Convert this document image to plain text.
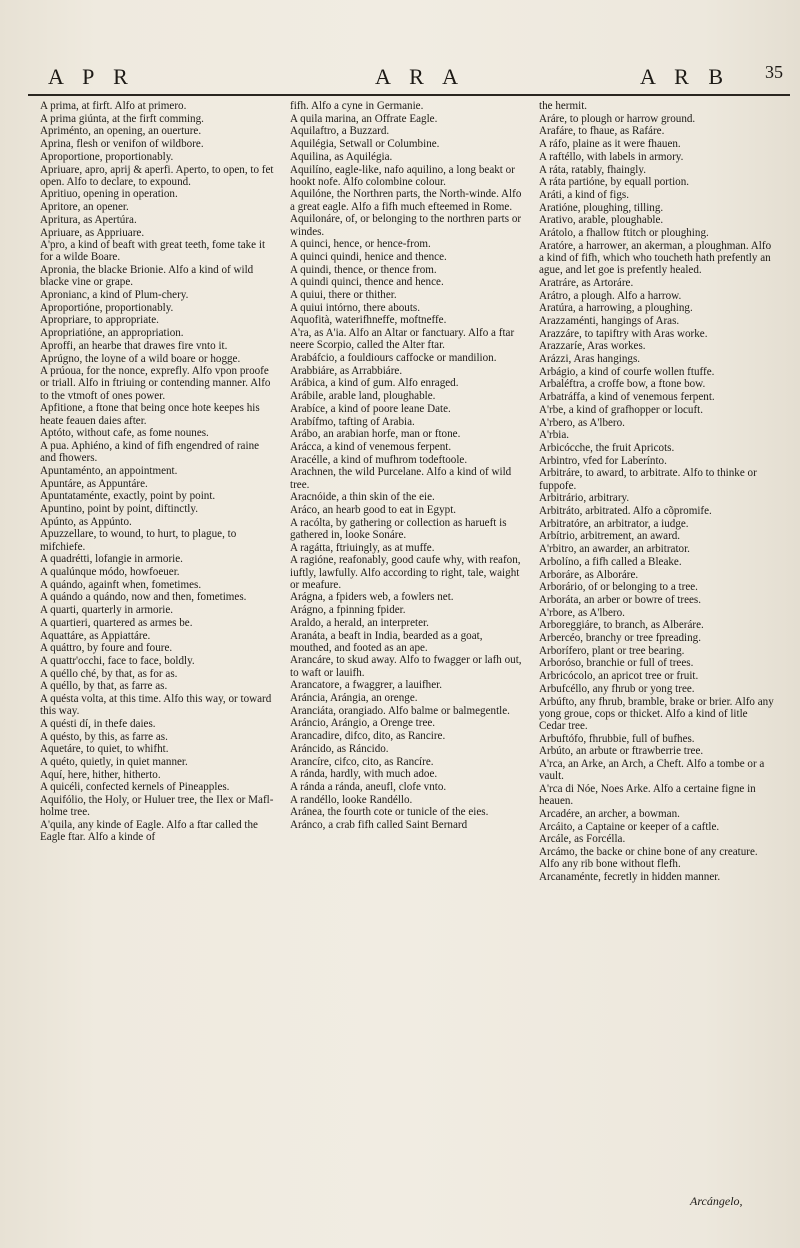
A P R	A R A	A R B 35

A prima, at firft. Alfo at primero.

A prima giúnta, at the firft comming.

Apriménto, an opening, an ouerture.

Aprina, flesh or venifon of wildbore.

Aproportione, proportionably.

Apriuare, apro, aprij & aperfi. Aperto, to open, to fet open. Alfo to declare, to expound.

Apritiuo, opening in operation.

Apritore, an opener.

Apritura, as Apertúra.

Apriuare, as Appriuare.

A'pro, a kind of beaft with great teeth, fome take it for a wilde Boare.

Apronia, the blacke Brionie. Alfo a kind of wild blacke vine or grape.

Apronianc, a kind of Plum-chery.

Aproportióne, proportionably.

Apropriare, to appropriate.

Apropriatióne, an appropriation.

Aproffi, an hearbe that drawes fire vnto it.

Aprúgno, the loyne of a wild boare or hogge.

A prúoua, for the nonce, exprefly. Alfo vpon proofe or triall. Alfo in ftriuing or contending manner. Alfo to the vtmoft of ones power.

Apfitione, a ftone that being once hote keepes his heate feauen daies after.

Aptóto, without cafe, as fome nounes.

A pua. Aphiéno, a kind of fifh engendred of raine and fhowers.

Apuntaménto, an appointment.

Apuntáre, as Appuntáre.

Apuntataménte, exactly, point by point.

Apuntino, point by point, diftinctly.

Apúnto, as Appúnto.

Apuzzellare, to wound, to hurt, to plague, to mifchiefe.

A quadrétti, lofangie in armorie.

A qualúnque módo, howfoeuer.

A quándo, againft when, fometimes.

A quándo a quándo, now and then, fometimes.

A quarti, quarterly in armorie.

A quartieri, quartered as armes be.

Aquattáre, as Appiattáre.

A quáttro, by foure and foure.

A quattr'occhi, face to face, boldly.

A quéllo ché, by that, as for as.

A quéllo, by that, as farre as.

A quésta volta, at this time. Alfo this way, or toward this way.

A quésti dí, in thefe daies.

A quésto, by this, as farre as.

Aquetáre, to quiet, to whifht.

A quéto, quietly, in quiet manner.

Aquí, here, hither, hitherto.

A quicéli, confected kernels of Pineapples.

Aquifólio, the Holy, or Huluer tree, the Ilex or Mafl-holme tree.

A'quila, any kinde of Eagle. Alfo a ftar called the Eagle ftar. Alfo a kinde of

fifh. Alfo a cyne in Germanie.

A quila marina, an Offrate Eagle.

Aquilaftro, a Buzzard.

Aquilégia, Setwall or Columbine.

Aquilina, as Aquilégia.

Aquilíno, eagle-like, nafo aquilino, a long beakt or hookt nofe. Alfo colombine colour.

Aquilóne, the Northren parts, the North-winde. Alfo a great eagle. Alfo a fifh much efteemed in Rome.

Aquilonáre, of, or belonging to the northren parts or windes.

A quinci, hence, or hence-from.

A quinci quindi, henice and thence.

A quindi, thence, or thence from.

A quindi quinci, thence and hence.

A quiui, there or thither.

A quiui intórno, there abouts.

Aquofità, waterifhneffe, moftneffe.

A'ra, as A'ia. Alfo an Altar or fanctuary. Alfo a ftar neere Scorpio, called the Alter ftar.

Arabáfcio, a fouldiours caffocke or mandilion.

Arabbiáre, as Arrabbiáre.

Arábica, a kind of gum. Alfo enraged.

Arábile, arable land, ploughable.

Arabíce, a kind of poore leane Date.

Arabífmo, tafting of Arabia.

Arábo, an arabian horfe, man or ftone.

Arácca, a kind of venemous ferpent.

Aracélle, a kind of mufhrom todeftoole.

Arachnen, the wild Purcelane. Alfo a kind of wild tree.

Aracnóide, a thin skin of the eie.

Aráco, an hearb good to eat in Egypt.

A racólta, by gathering or collection as harueft is gathered in, looke Sonáre.

A ragátta, ftriuingly, as at muffe.

A ragióne, reafonably, good caufe why, with reafon, iuftly, lawfully. Alfo according to right, tale, waight or meafure.

Arágna, a fpiders web, a fowlers net.

Arágno, a fpinning fpider.

Araldo, a herald, an interpreter.

Aranáta, a beaft in India, bearded as a goat, mouthed, and footed as an ape.

Arancáre, to skud away. Alfo to fwagger or lafh out, to waft or lauifh.

Arancatore, a fwaggrer, a lauifher.

Aráncia, Arángia, an orenge.

Aranciáta, orangiado. Alfo balme or balmegentle.

Aráncio, Arángio, a Orenge tree.

Arancadire, difco, dito, as Rancire.

Aráncido, as Ráncido.

Arancíre, cifco, cito, as Rancíre.

A ránda, hardly, with much adoe.

A ránda a ránda, aneufl, clofe vnto.

A randéllo, looke Randéllo.

Aránea, the fourth cote or tunicle of the eies.

Aránco, a crab fifh called Saint Bernard

the hermit.

Aráre, to plough or harrow ground.

Arafáre, to fhaue, as Rafáre.

A ráfo, plaine as it were fhauen.

A raftéllo, with labels in armory.

A ráta, ratably, fhaingly.

A ráta partióne, by equall portion.

Aráti, a kind of figs.

Aratióne, ploughing, tilling.

Arativo, arable, ploughable.

Arátolo, a fhallow ftitch or ploughing.

Aratóre, a harrower, an akerman, a ploughman. Alfo a kind of fifh, which who toucheth hath prefently an ague, and let goe is prefently healed.

Aratráre, as Artoráre.

Arátro, a plough. Alfo a harrow.

Aratúra, a harrowing, a ploughing.

Arazzaménti, hangings of Aras.

Arazzáre, to tapiftry with Aras worke.

Arazzaríe, Aras workes.

Arázzi, Aras hangings.

Arbágio, a kind of courfe wollen ftuffe.

Arbaléftra, a croffe bow, a ftone bow.

Arbatráffa, a kind of venemous ferpent.

A'rbe, a kind of grafhopper or locuft.

A'rbero, as A'lbero.

A'rbia.

Arbicócche, the fruit Apricots.

Arbintro, vfed for Laberínto.

Arbitráre, to award, to arbitrate. Alfo to thinke or fuppofe.

Arbitrário, arbitrary.

Arbitráto, arbitrated. Alfo a cõpromife.

Arbitratóre, an arbitrator, a iudge.

Arbítrio, arbitrement, an award.

A'rbitro, an awarder, an arbitrator.

Arbolíno, a fifh called a Bleake.

Arboráre, as Alboráre.

Arborário, of or belonging to a tree.

Arboráta, an arber or bowre of trees.

A'rbore, as A'lbero.

Arboreggiáre, to branch, as Alberáre.

Arbercéo, branchy or tree fpreading.

Arborífero, plant or tree bearing.

Arboróso, branchie or full of trees.

Arbricócolo, an apricot tree or fruit.

Arbufcéllo, any fhrub or yong tree.

Arbúfto, any fhrub, bramble, brake or brier. Alfo any yong groue, cops or thicket. Alfo a kind of litle Cedar tree.

Arbuftófo, fhrubbie, full of bufhes.

Arbúto, an arbute or ftrawberrie tree.

A'rca, an Arke, an Arch, a Cheft. Alfo a tombe or a vault.

A'rca di Nóe, Noes Arke. Alfo a certaine figne in heauen.

Arcadére, an archer, a bowman.

Arcáito, a Captaine or keeper of a caftle.

Arcále, as Forcélla.

Arcámo, the backe or chine bone of any creature. Alfo any rib bone without flefh.

Arcanaménte, fecretly in hidden manner.

Arcángelo,
